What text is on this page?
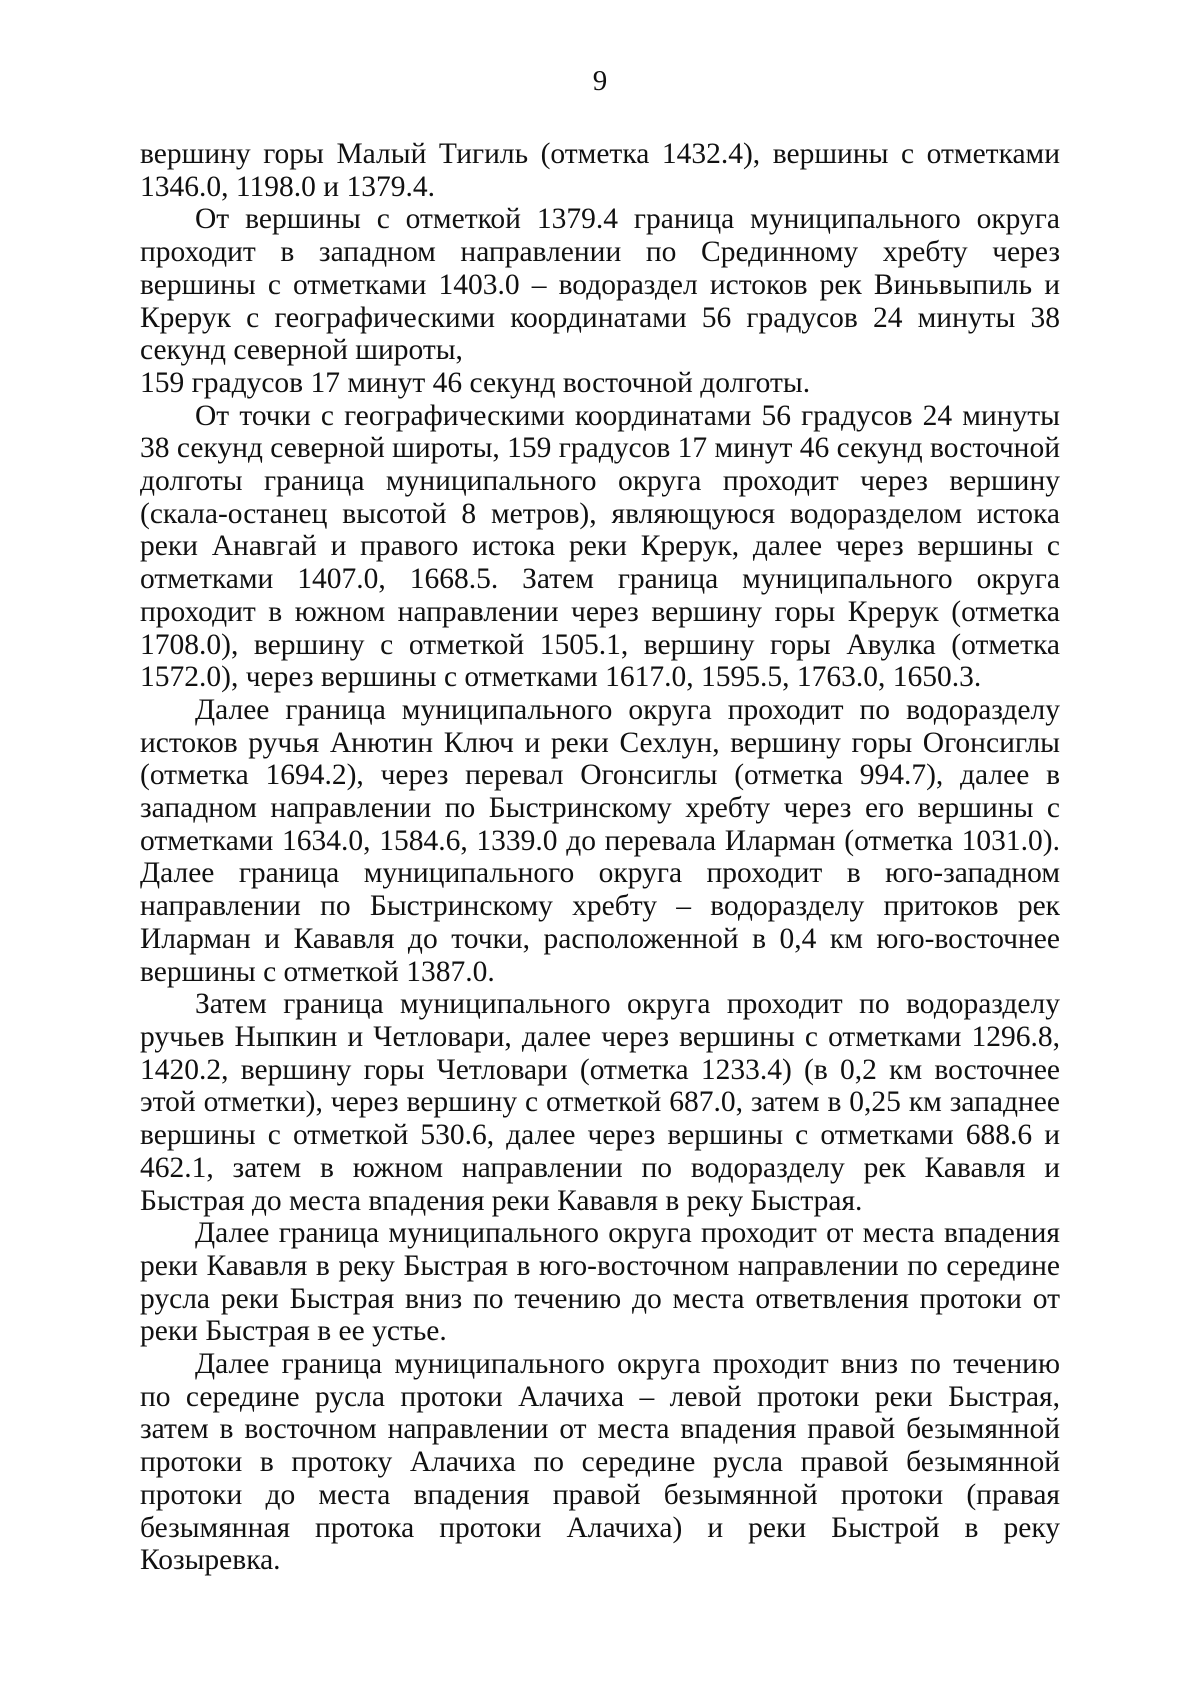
9

вершину горы Малый Тигиль (отметка 1432.4), вершины с отметками 1346.0, 1198.0 и 1379.4.

От вершины с отметкой 1379.4 граница муниципального округа проходит в западном направлении по Срединному хребту через вершины с отметками 1403.0 – водораздел истоков рек Виньвыпиль и Крерук с географическими координатами 56 градусов 24 минуты 38 секунд северной широты,

159 градусов 17 минут 46 секунд восточной долготы.

От точки с географическими координатами 56 градусов 24 минуты 38 секунд северной широты, 159 градусов 17 минут 46 секунд восточной долготы граница муниципального округа проходит через вершину (скала-останец высотой 8 метров), являющуюся водоразделом истока реки Анавгай и правого истока реки Крерук, далее через вершины с отметками 1407.0, 1668.5. Затем граница муниципального округа проходит в южном направлении через вершину горы Крерук (отметка 1708.0), вершину с отметкой 1505.1, вершину горы Авулка (отметка 1572.0), через вершины с отметками 1617.0, 1595.5, 1763.0, 1650.3.

Далее граница муниципального округа проходит по водоразделу истоков ручья Анютин Ключ и реки Сехлун, вершину горы Огонсиглы (отметка 1694.2), через перевал Огонсиглы (отметка 994.7), далее в западном направлении по Быстринскому хребту через его вершины с отметками 1634.0, 1584.6, 1339.0 до перевала Иларман (отметка 1031.0). Далее граница муниципального округа проходит в юго-западном направлении по Быстринскому хребту – водоразделу притоков рек Иларман и Кававля до точки, расположенной в 0,4 км юго-восточнее вершины с отметкой 1387.0.

Затем граница муниципального округа проходит по водоразделу ручьев Ныпкин и Четловари, далее через вершины с отметками 1296.8, 1420.2, вершину горы Четловари (отметка 1233.4) (в 0,2 км восточнее этой отметки), через вершину с отметкой 687.0, затем в 0,25 км западнее вершины с отметкой 530.6, далее через вершины с отметками 688.6 и 462.1, затем в южном направлении по водоразделу рек Кававля и Быстрая до места впадения реки Кававля в реку Быстрая.

Далее граница муниципального округа проходит от места впадения реки Кававля в реку Быстрая в юго-восточном направлении по середине русла реки Быстрая вниз по течению до места ответвления протоки от реки Быстрая в ее устье.

Далее граница муниципального округа проходит вниз по течению по середине русла протоки Алачиха – левой протоки реки Быстрая, затем в восточном направлении от места впадения правой безымянной протоки в протоку Алачиха по середине русла правой безымянной протоки до места впадения правой безымянной протоки (правая безымянная протока протоки Алачиха) и реки Быстрой в реку Козыревка.
